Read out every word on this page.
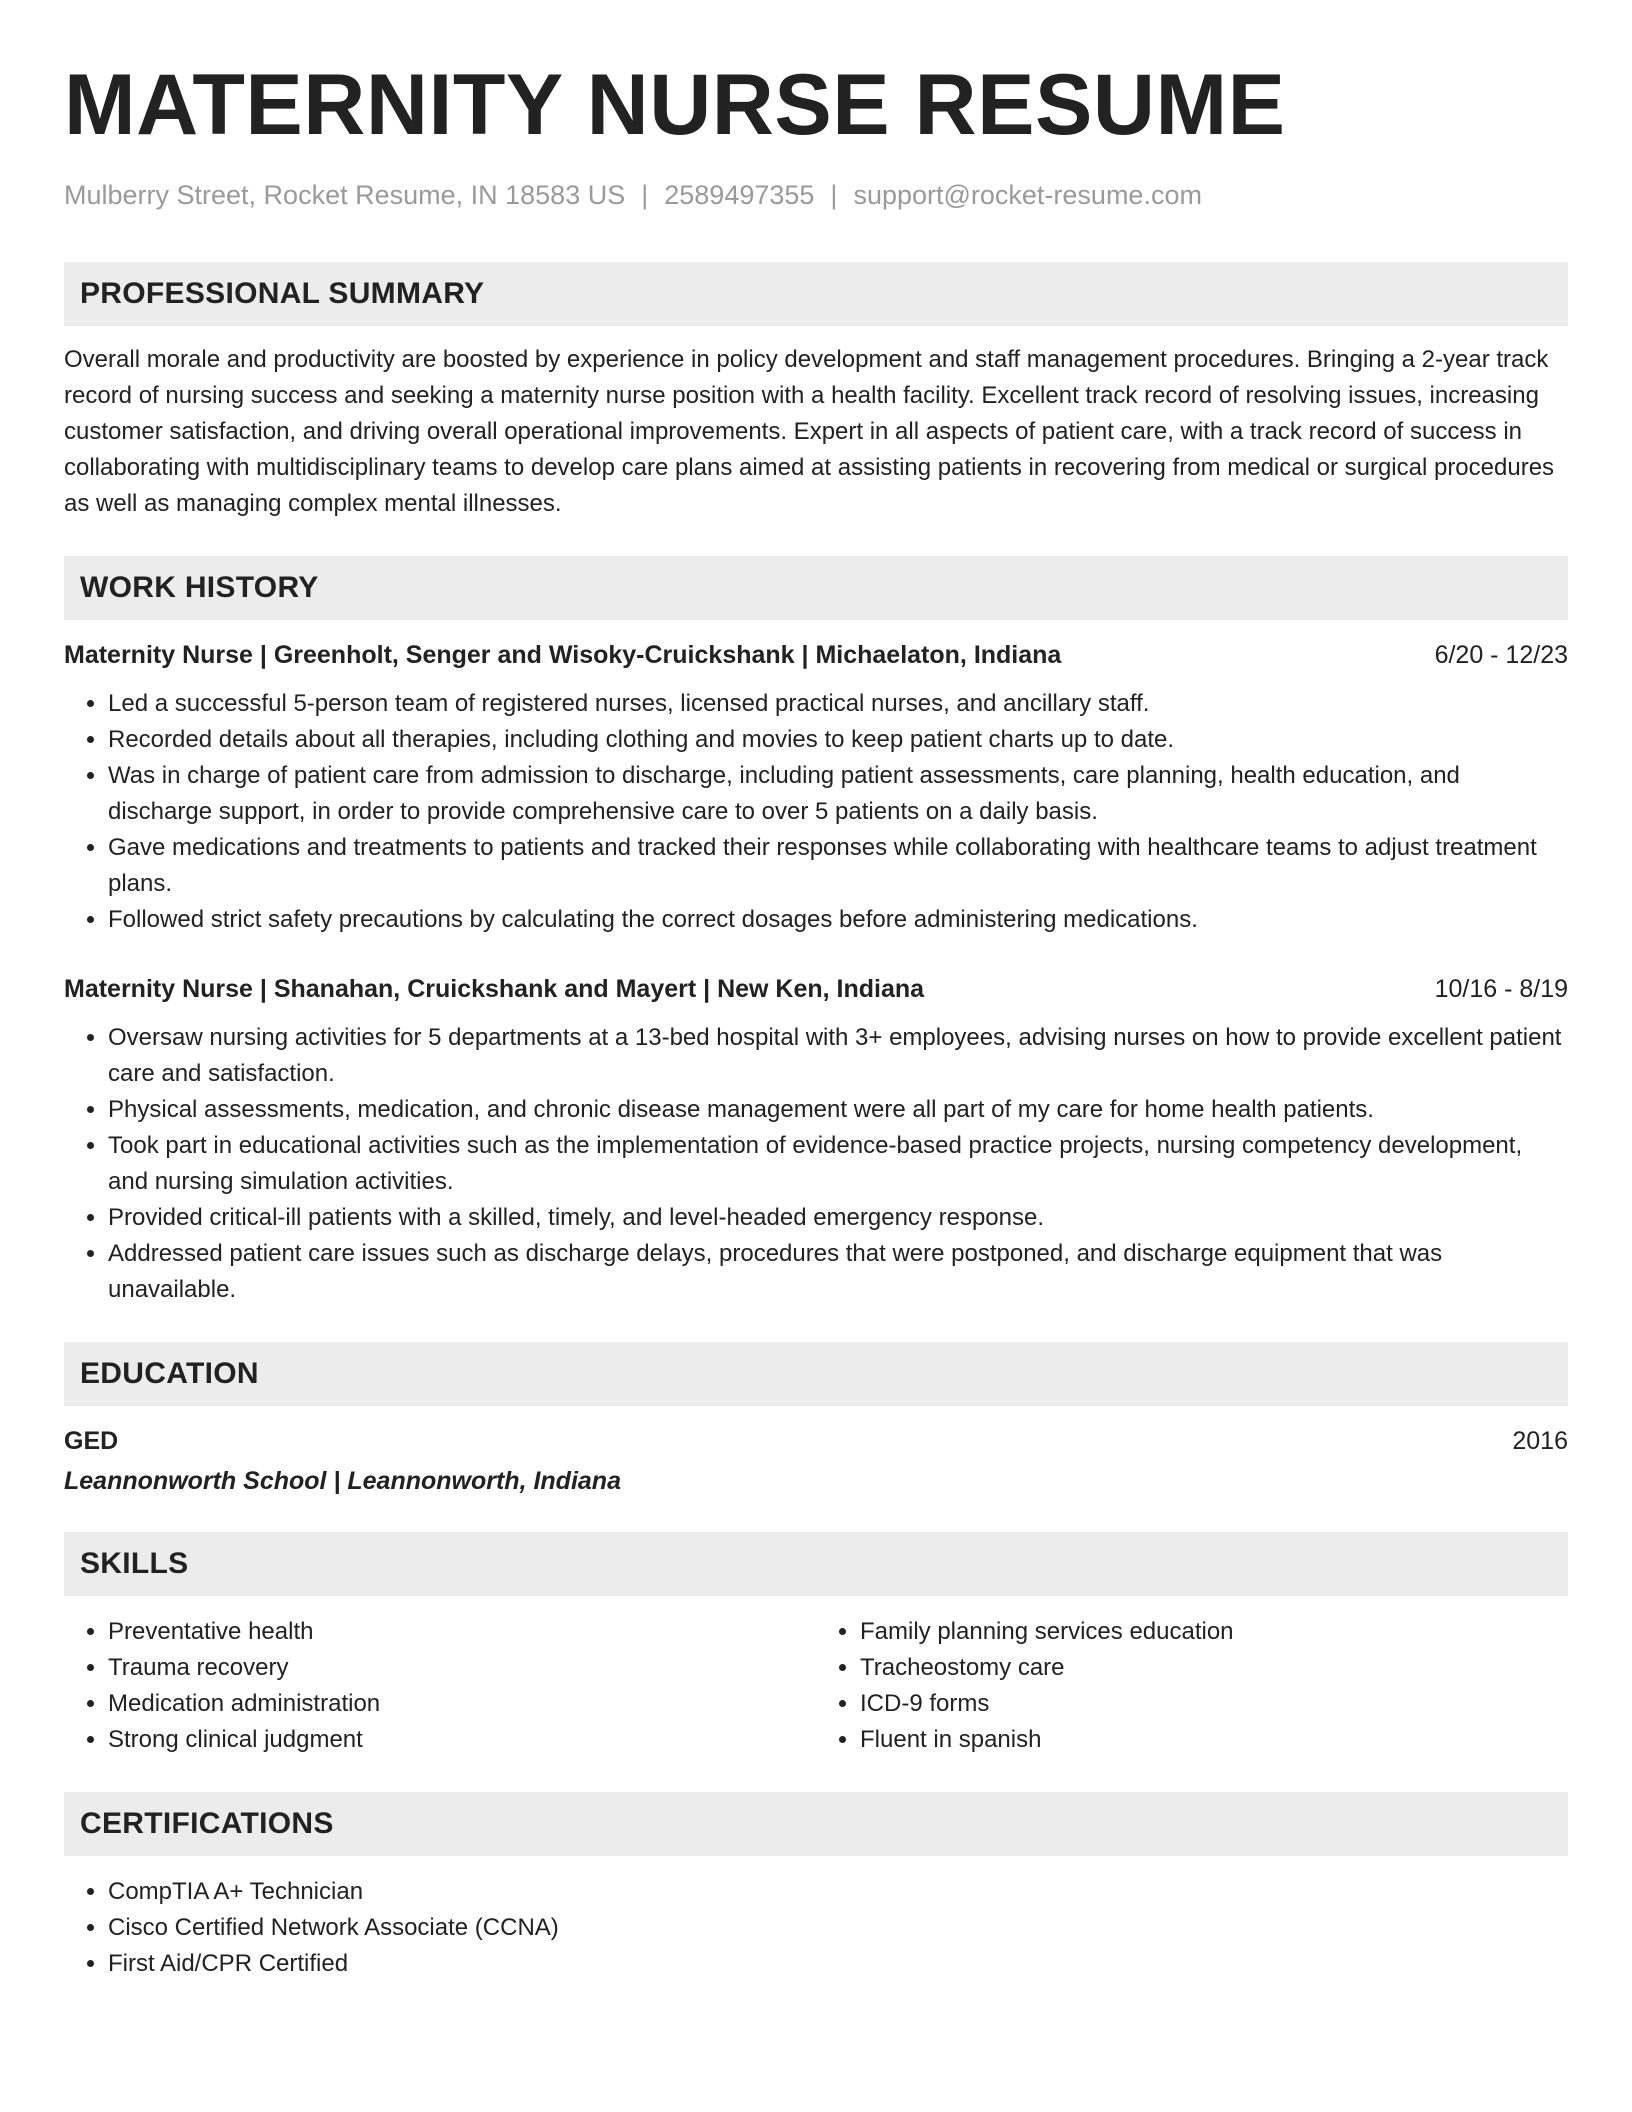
MATERNITY NURSE RESUME
Mulberry Street, Rocket Resume, IN 18583 US | 2589497355 | support@rocket-resume.com
PROFESSIONAL SUMMARY
Overall morale and productivity are boosted by experience in policy development and staff management procedures. Bringing a 2-year track record of nursing success and seeking a maternity nurse position with a health facility. Excellent track record of resolving issues, increasing customer satisfaction, and driving overall operational improvements. Expert in all aspects of patient care, with a track record of success in collaborating with multidisciplinary teams to develop care plans aimed at assisting patients in recovering from medical or surgical procedures as well as managing complex mental illnesses.
WORK HISTORY
Maternity Nurse | Greenholt, Senger and Wisoky-Cruickshank | Michaelaton, Indiana	6/20 - 12/23
• Led a successful 5-person team of registered nurses, licensed practical nurses, and ancillary staff.
• Recorded details about all therapies, including clothing and movies to keep patient charts up to date.
• Was in charge of patient care from admission to discharge, including patient assessments, care planning, health education, and discharge support, in order to provide comprehensive care to over 5 patients on a daily basis.
• Gave medications and treatments to patients and tracked their responses while collaborating with healthcare teams to adjust treatment plans.
• Followed strict safety precautions by calculating the correct dosages before administering medications.
Maternity Nurse | Shanahan, Cruickshank and Mayert | New Ken, Indiana	10/16 - 8/19
• Oversaw nursing activities for 5 departments at a 13-bed hospital with 3+ employees, advising nurses on how to provide excellent patient care and satisfaction.
• Physical assessments, medication, and chronic disease management were all part of my care for home health patients.
• Took part in educational activities such as the implementation of evidence-based practice projects, nursing competency development, and nursing simulation activities.
• Provided critical-ill patients with a skilled, timely, and level-headed emergency response.
• Addressed patient care issues such as discharge delays, procedures that were postponed, and discharge equipment that was unavailable.
EDUCATION
GED	2016
Leannonworth School | Leannonworth, Indiana
SKILLS
• Preventative health
• Trauma recovery
• Medication administration
• Strong clinical judgment
• Family planning services education
• Tracheostomy care
• ICD-9 forms
• Fluent in spanish
CERTIFICATIONS
• CompTIA A+ Technician
• Cisco Certified Network Associate (CCNA)
• First Aid/CPR Certified
